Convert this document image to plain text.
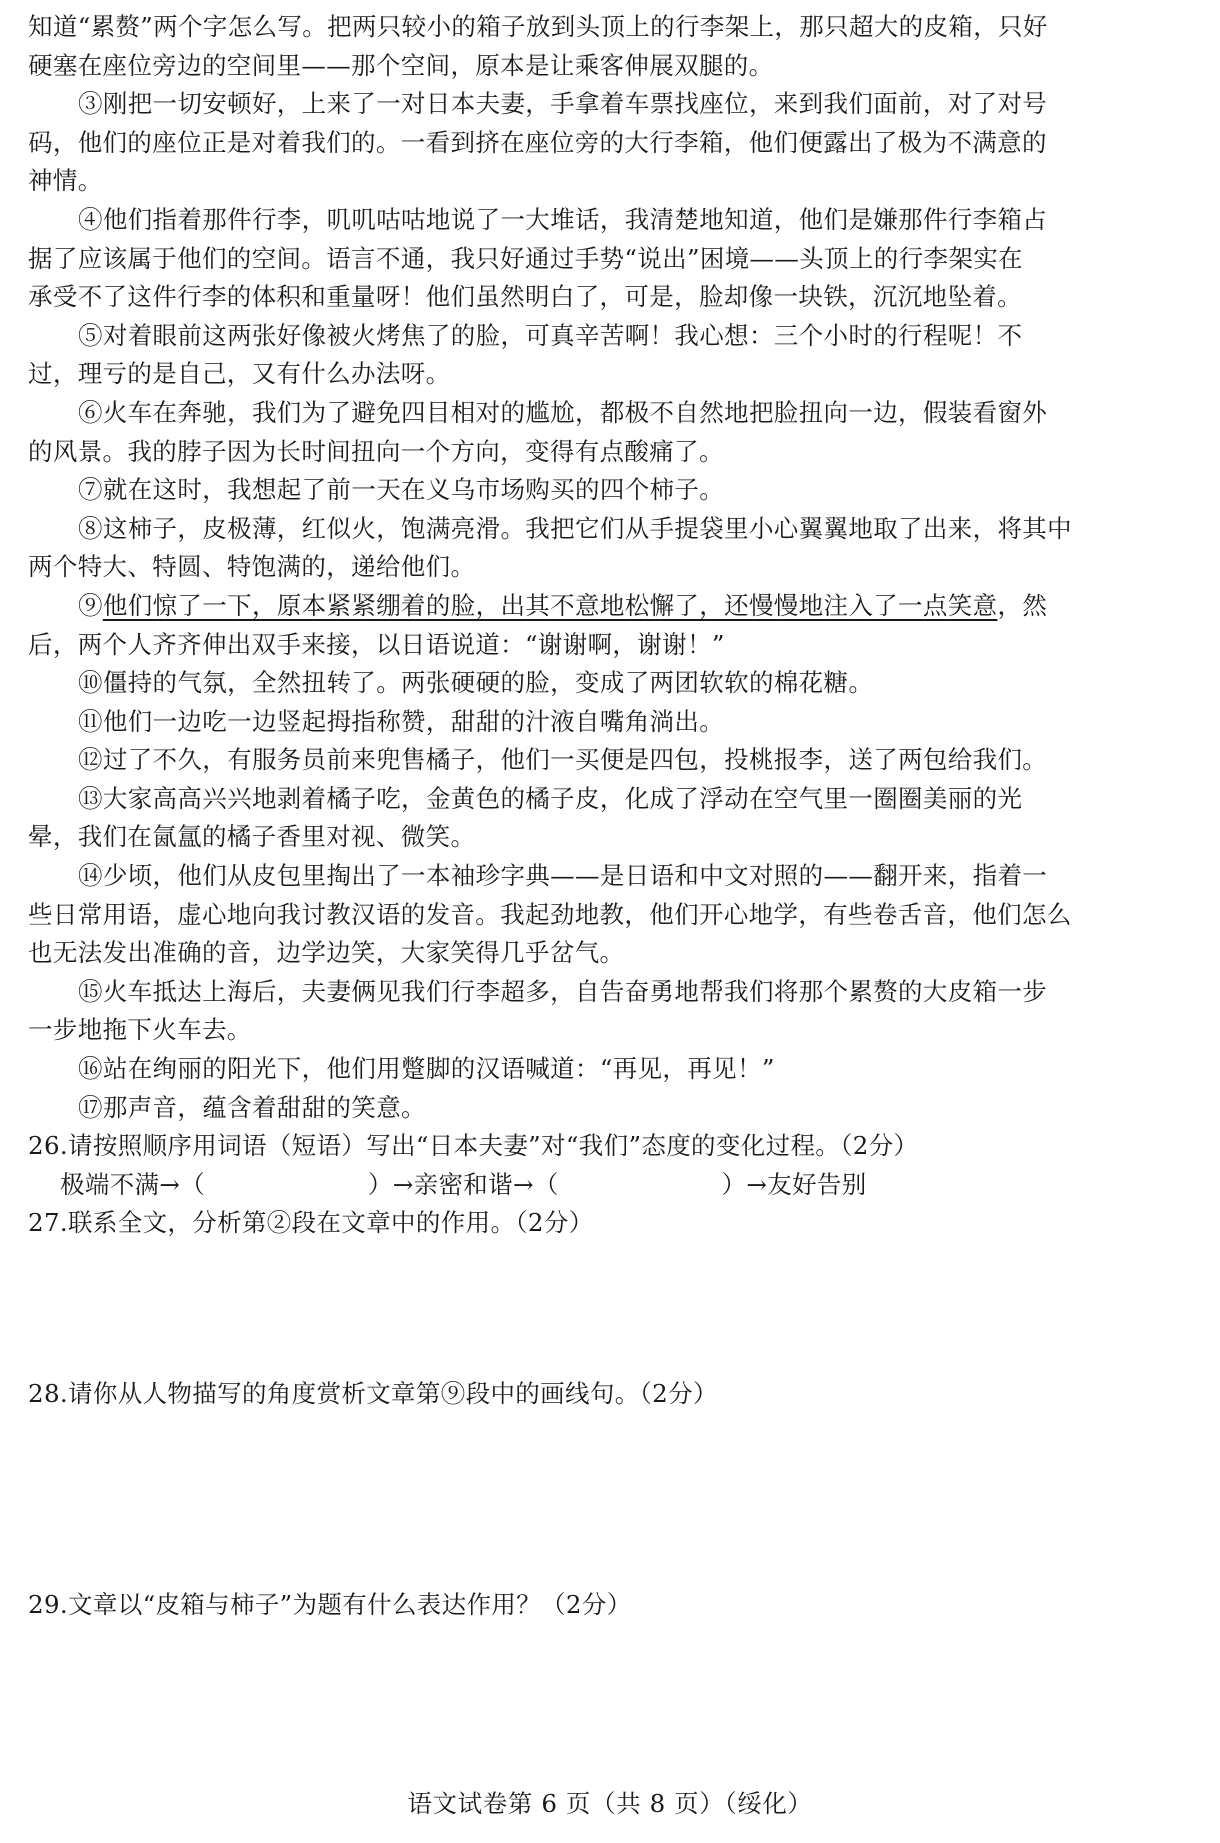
知道“累赘”两个字怎么写。把两只较小的箱子放到头顶上的行李架上，那只超大的皮箱，只好
硬塞在座位旁边的空间里——那个空间，原本是让乘客伸展双腿的。
③刚把一切安顿好，上来了一对日本夫妻，手拿着车票找座位，来到我们面前，对了对号
码，他们的座位正是对着我们的。一看到挤在座位旁的大行李箱，他们便露出了极为不满意的
神情。
④他们指着那件行李，叽叽咕咕地说了一大堆话，我清楚地知道，他们是嫌那件行李箱占
据了应该属于他们的空间。语言不通，我只好通过手势“说出”困境——头顶上的行李架实在
承受不了这件行李的体积和重量呀！他们虽然明白了，可是，脸却像一块铁，沉沉地坠着。
⑤对着眼前这两张好像被火烤焦了的脸，可真辛苦啊！我心想：三个小时的行程呢！不
过，理亏的是自己，又有什么办法呀。
⑥火车在奔驰，我们为了避免四目相对的尴尬，都极不自然地把脸扭向一边，假装看窗外
的风景。我的脖子因为长时间扭向一个方向，变得有点酸痛了。
⑦就在这时，我想起了前一天在义乌市场购买的四个柿子。
⑧这柿子，皮极薄，红似火，饱满亮滑。我把它们从手提袋里小心翼翼地取了出来，将其中
两个特大、特圆、特饱满的，递给他们。
⑨他们惊了一下，原本紧紧绷着的脸，出其不意地松懈了，还慢慢地注入了一点笑意，然
后，两个人齐齐伸出双手来接，以日语说道：“谢谢啊，谢谢！”
⑩僵持的气氛，全然扭转了。两张硬硬的脸，变成了两团软软的棉花糖。
⑪他们一边吃一边竖起拇指称赞，甜甜的汁液自嘴角淌出。
⑫过了不久，有服务员前来兜售橘子，他们一买便是四包，投桃报李，送了两包给我们。
⑬大家高高兴兴地剥着橘子吃，金黄色的橘子皮，化成了浮动在空气里一圈圈美丽的光
晕，我们在氤氲的橘子香里对视、微笑。
⑭少顷，他们从皮包里掏出了一本袖珍字典——是日语和中文对照的——翻开来，指着一
些日常用语，虚心地向我讨教汉语的发音。我起劲地教，他们开心地学，有些卷舌音，他们怎么
也无法发出准确的音，边学边笑，大家笑得几乎岔气。
⑮火车抵达上海后，夫妻俩见我们行李超多，自告奋勇地帮我们将那个累赘的大皮箱一步
一步地拖下火车去。
⑯站在绚丽的阳光下，他们用蹩脚的汉语喊道：“再见，再见！”
⑰那声音，蕴含着甜甜的笑意。
26.请按照顺序用词语（短语）写出“日本夫妻”对“我们”态度的变化过程。（2分）
极端不满→（                    ）→亲密和谐→（                    ）→友好告别
27.联系全文，分析第②段在文章中的作用。（2分）
28.请你从人物描写的角度赏析文章第⑨段中的画线句。（2分）
29.文章以“皮箱与柿子”为题有什么表达作用？（2分）
语文试卷第 6 页（共 8 页）（绥化）
